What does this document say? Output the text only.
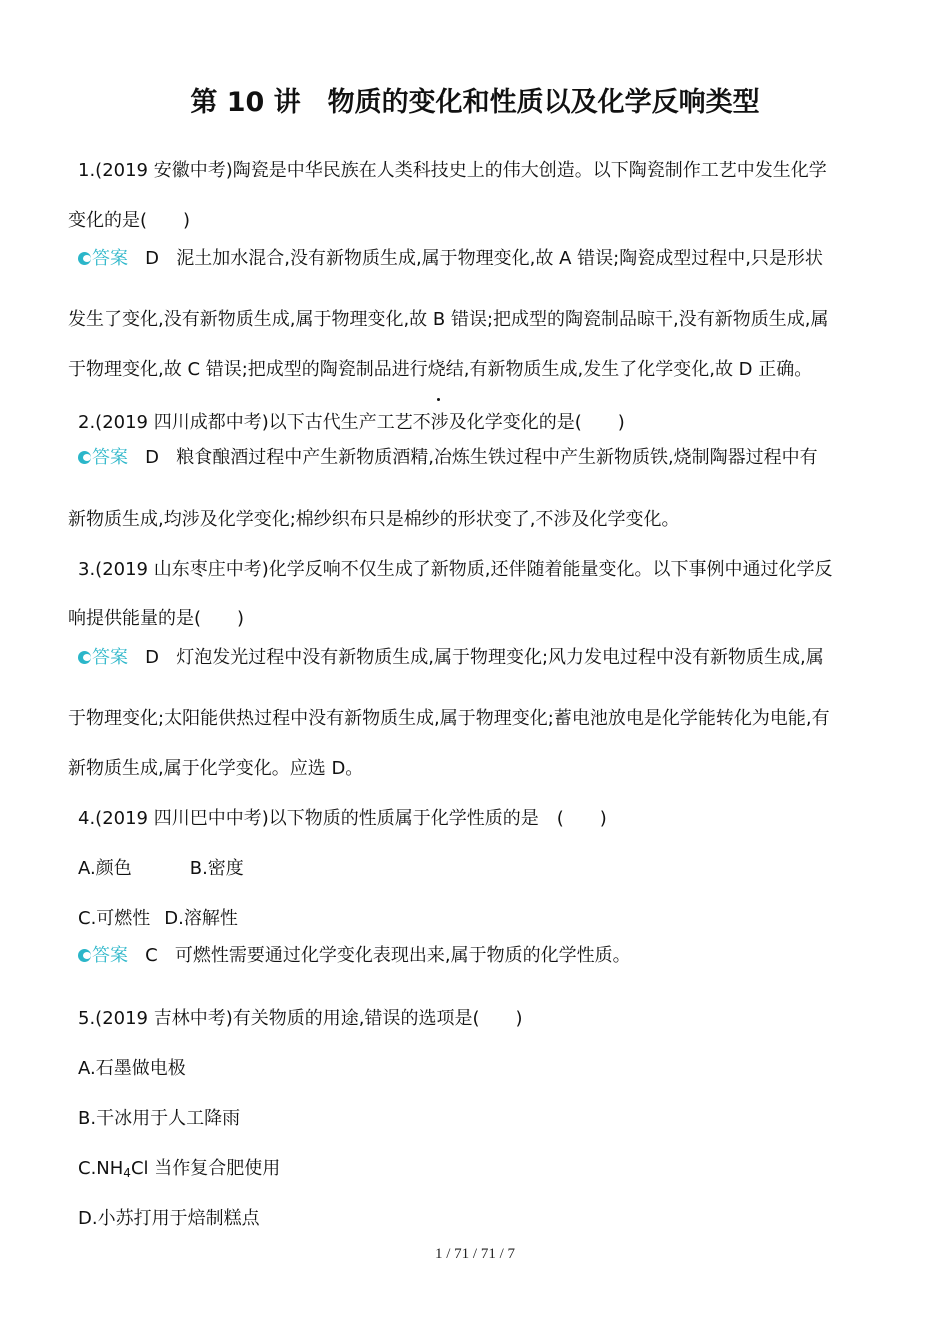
第 10 讲　物质的变化和性质以及化学反响类型
1.(2019 安徽中考)陶瓷是中华民族在人类科技史上的伟大创造。以下陶瓷制作工艺中发生化学
变化的是(　　)
答案 D 泥土加水混合,没有新物质生成,属于物理变化,故 A 错误;陶瓷成型过程中,只是形状
发生了变化,没有新物质生成,属于物理变化,故 B 错误;把成型的陶瓷制品晾干,没有新物质生成,属
于物理变化,故 C 错误;把成型的陶瓷制品进行烧结,有新物质生成,发生了化学变化,故 D 正确。
2.(2019 四川成都中考)以下古代生产工艺不涉及化学变化的是(　　)
答案 D 粮食酿酒过程中产生新物质酒精,冶炼生铁过程中产生新物质铁,烧制陶器过程中有
新物质生成,均涉及化学变化;棉纱织布只是棉纱的形状变了,不涉及化学变化。
3.(2019 山东枣庄中考)化学反响不仅生成了新物质,还伴随着能量变化。以下事例中通过化学反
响提供能量的是(　　)
答案 D 灯泡发光过程中没有新物质生成,属于物理变化;风力发电过程中没有新物质生成,属
于物理变化;太阳能供热过程中没有新物质生成,属于物理变化;蓄电池放电是化学能转化为电能,有
新物质生成,属于化学变化。应选 D。
4.(2019 四川巴中中考)以下物质的性质属于化学性质的是　(　　)
A.颜色	B.密度
C.可燃性 D.溶解性
答案 C 可燃性需要通过化学变化表现出来,属于物质的化学性质。
5.(2019 吉林中考)有关物质的用途,错误的选项是(　　)
A.石墨做电极
B.干冰用于人工降雨
$C.NH_4Cl$ 当作复合肥使用
D.小苏打用于焙制糕点
1 / 71 / 71 / 7
